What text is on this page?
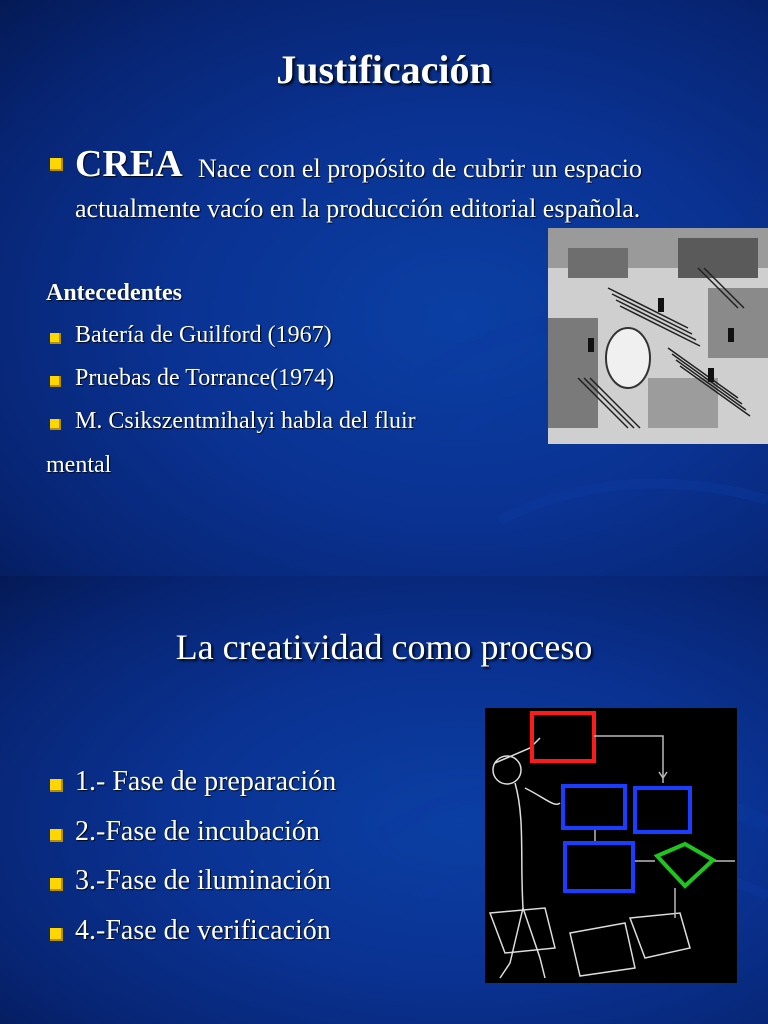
Justificación
CREA Nace con el propósito de cubrir un espacio
actualmente vacío en la producción editorial española.
Antecedentes
Batería de Guilford (1967)
Pruebas de Torrance(1974)
M. Csikszentmihalyi habla del fluir
mental
La creatividad como proceso
1.- Fase de preparación
2.-Fase de incubación
3.-Fase de iluminación
4.-Fase de verificación
